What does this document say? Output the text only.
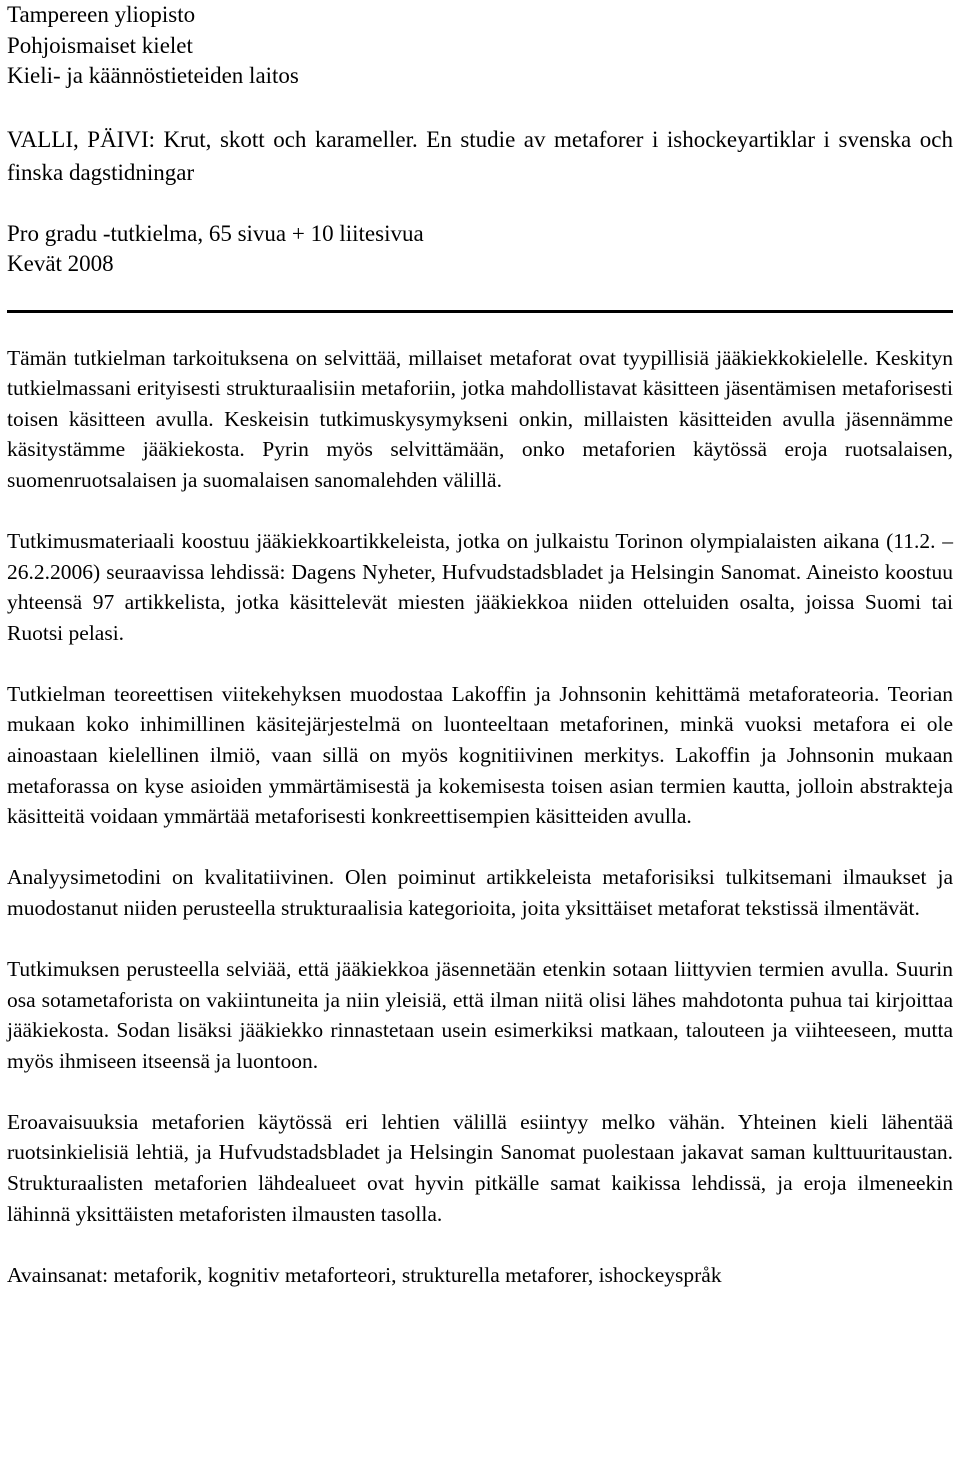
Tampereen yliopisto
Pohjoismaiset kielet
Kieli- ja käännöstieteiden laitos
VALLI, PÄIVI: Krut, skott och karameller. En studie av metaforer i ishockeyartiklar i svenska och finska dagstidningar
Pro gradu -tutkielma, 65 sivua + 10 liitesivua
Kevät 2008

Tämän tutkielman tarkoituksena on selvittää, millaiset metaforat ovat tyypillisiä jääkiekkokielelle. Keskityn tutkielmassani erityisesti strukturaalisiin metaforiin, jotka mahdollistavat käsitteen jäsentämisen metaforisesti toisen käsitteen avulla. Keskeisin tutkimuskysymykseni onkin, millaisten käsitteiden avulla jäsennämme käsitystämme jääkiekosta. Pyrin myös selvittämään, onko metaforien käytössä eroja ruotsalaisen, suomenruotsalaisen ja suomalaisen sanomalehden välillä.

Tutkimusmateriaali koostuu jääkiekkoartikkeleista, jotka on julkaistu Torinon olympialaisten aikana (11.2. – 26.2.2006) seuraavissa lehdissä: Dagens Nyheter, Hufvudstadsbladet ja Helsingin Sanomat. Aineisto koostuu yhteensä 97 artikkelista, jotka käsittelevät miesten jääkiekkoa niiden otteluiden osalta, joissa Suomi tai Ruotsi pelasi.

Tutkielman teoreettisen viitekehyksen muodostaa Lakoffin ja Johnsonin kehittämä metaforateoria. Teorian mukaan koko inhimillinen käsitejärjestelmä on luonteeltaan metaforinen, minkä vuoksi metafora ei ole ainoastaan kielellinen ilmiö, vaan sillä on myös kognitiivinen merkitys. Lakoffin ja Johnsonin mukaan metaforassa on kyse asioiden ymmärtämisestä ja kokemisesta toisen asian termien kautta, jolloin abstrakteja käsitteitä voidaan ymmärtää metaforisesti konkreettisempien käsitteiden avulla.

Analyysimetodini on kvalitatiivinen. Olen poiminut artikkeleista metaforisiksi tulkitsemani ilmaukset ja muodostanut niiden perusteella strukturaalisia kategorioita, joita yksittäiset metaforat tekstissä ilmentävät.

Tutkimuksen perusteella selviää, että jääkiekkoa jäsennetään etenkin sotaan liittyvien termien avulla. Suurin osa sotametaforista on vakiintuneita ja niin yleisiä, että ilman niitä olisi lähes mahdotonta puhua tai kirjoittaa jääkiekosta. Sodan lisäksi jääkiekko rinnastetaan usein esimerkiksi matkaan, talouteen ja viihteeseen, mutta myös ihmiseen itseensä ja luontoon.

Eroavaisuuksia metaforien käytössä eri lehtien välillä esiintyy melko vähän. Yhteinen kieli lähentää ruotsinkielisiä lehtiä, ja Hufvudstadsbladet ja Helsingin Sanomat puolestaan jakavat saman kulttuuritaustan. Strukturaalisten metaforien lähdealueet ovat hyvin pitkälle samat kaikissa lehdissä, ja eroja ilmeneekin lähinnä yksittäisten metaforisten ilmausten tasolla.

Avainsanat: metaforik, kognitiv metaforteori, strukturella metaforer, ishockeyspråk
